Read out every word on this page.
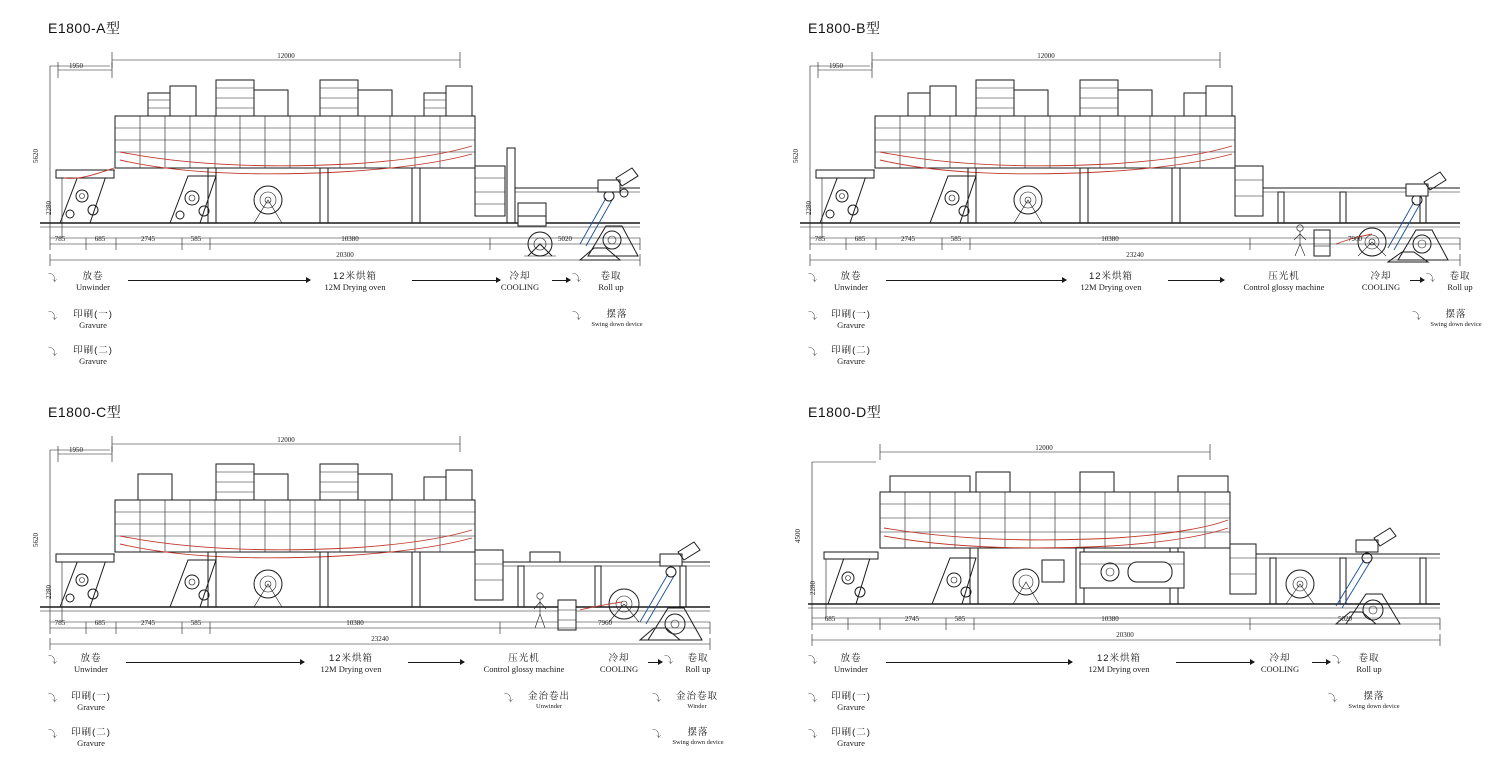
E1800-A型
1950
12000
785	685	2745	585	10380	5020
20300
5620
2280
⤵	放卷
Unwinder
12米烘箱
12M Drying oven
冷却
COOLING
⤵	卷取
Roll up
⤵	印刷(一)
Gravure
⤵	印刷(二)
Gravure
⤵	摆落
Swing down device
E1800-B型
1950
12000
785	685	2745	585	10380	7960
23240
5620
2280
⤵	放卷
Unwinder
12米烘箱
12M Drying oven
压光机
Control glossy machine
冷却
COOLING
⤵	卷取
Roll up
⤵	印刷(一)
Gravure
⤵	印刷(二)
Gravure
⤵	摆落
Swing down device
E1800-C型
1950
12000
785	685	2745	585	10380	7960
23240
5620
2280
⤵	放卷
Unwinder
12米烘箱
12M Drying oven
压光机
Control glossy machine
冷却
COOLING
⤵	卷取
Roll up
⤵	印刷(一)
Gravure
⤵	印刷(二)
Gravure
⤵	金治卷出
Unwinder
⤵	金治卷取
Winder
⤵	摆落
Swing down device
E1800-D型
12000
685	2745	585	10380	5020
20300
4500
2280
⤵	放卷
Unwinder
12米烘箱
12M Drying oven
冷却
COOLING
⤵	卷取
Roll up
⤵	印刷(一)
Gravure
⤵	印刷(二)
Gravure
⤵	摆落
Swing down device
